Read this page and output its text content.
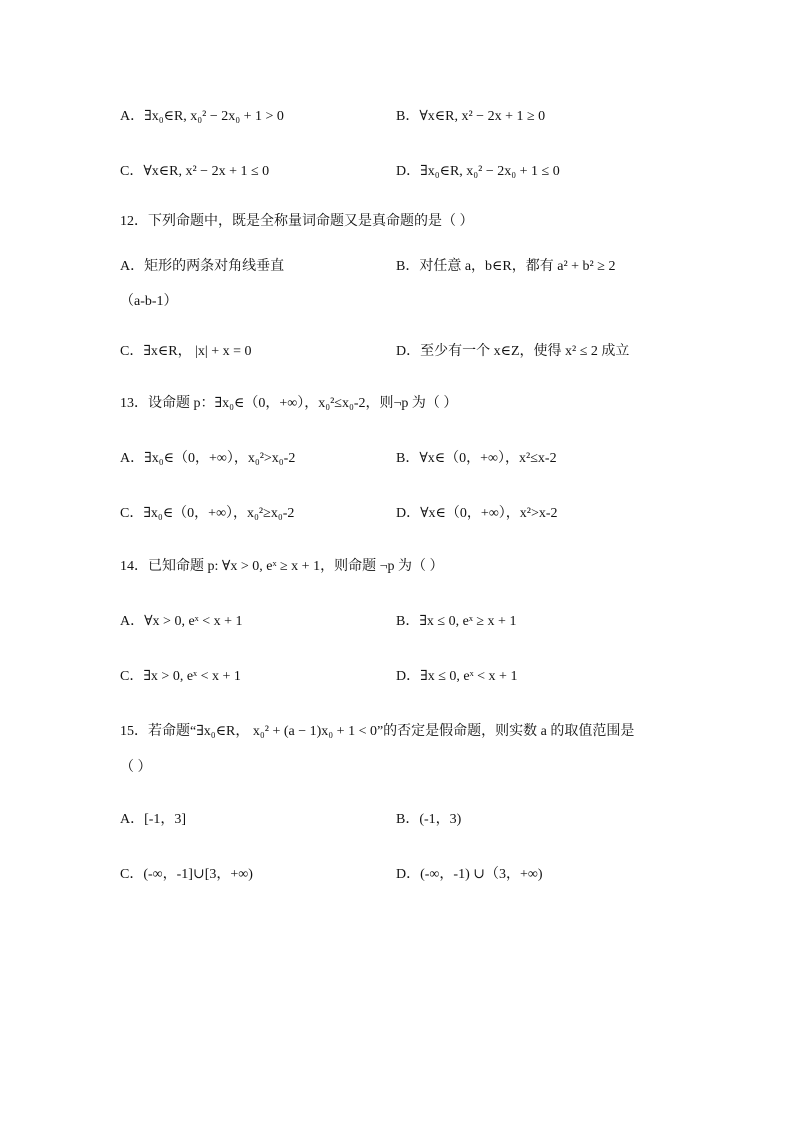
A．∃x₀∈R, x₀² − 2x₀ + 1 > 0	B．∀x∈R, x² − 2x + 1 ≥ 0
C．∀x∈R, x² − 2x + 1 ≤ 0	D．∃x₀∈R, x₀² − 2x₀ + 1 ≤ 0
12．下列命题中，既是全称量词命题又是真命题的是（ ）
A．矩形的两条对角线垂直	B．对任意 a，b∈R，都有 a² + b² ≥ 2
（a-b-1）
C．∃x∈R， |x| + x = 0	D．至少有一个 x∈Z，使得 x² ≤ 2 成立
13．设命题 p：∃x₀∈（0，+∞），x₀²≤x₀-2，则¬p 为（ ）
A．∃x₀∈（0，+∞），x₀²>x₀-2	B．∀x∈（0，+∞），x²≤x-2
C．∃x₀∈（0，+∞），x₀²≥x₀-2	D．∀x∈（0，+∞），x²>x-2
14．已知命题 p: ∀x > 0, eˣ ≥ x + 1，则命题 ¬p 为（ ）
A．∀x > 0, eˣ < x + 1	B．∃x ≤ 0, eˣ ≥ x + 1
C．∃x > 0, eˣ < x + 1	D．∃x ≤ 0, eˣ < x + 1
15．若命题“∃x₀∈R， x₀² + (a − 1)x₀ + 1 < 0”的否定是假命题，则实数 a 的取值范围是
（ ）
A．[-1，3]	B．(-1，3)
C．(-∞，-1]∪[3，+∞)	D．(-∞，-1) ∪（3，+∞)
